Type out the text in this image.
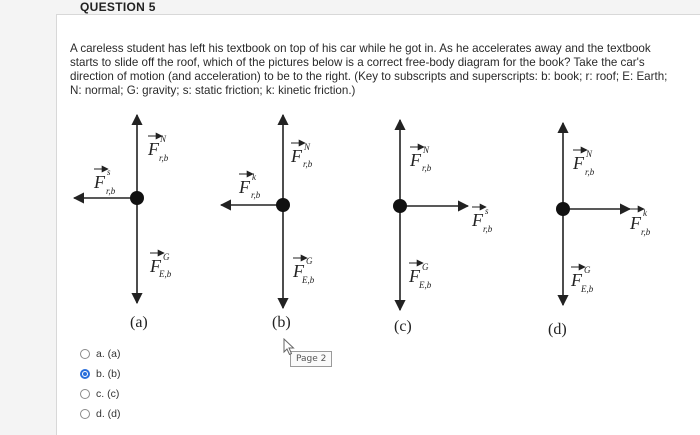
QUESTION 5
A careless student has left his textbook on top of his car while he got in. As he accelerates away and the textbook starts to slide off the roof, which of the pictures below is a correct free-body diagram for the book? Take the car's direction of motion (and acceleration) to be to the right. (Key to subscripts and superscripts: b: book; r: roof; E: Earth; N: normal; G: gravity; s: static friction; k: kinetic friction.)
F N
r,b
F s
r,b
F G
E,b
(a)
F N
r,b
F k
r,b
F G
E,b
(b)
F N
r,b
F s
r,b
F G
E,b
(c)
F N
r,b
F k
r,b
F G
E,b
(d)
Page 2
a. (a)
b. (b)
c. (c)
d. (d)
